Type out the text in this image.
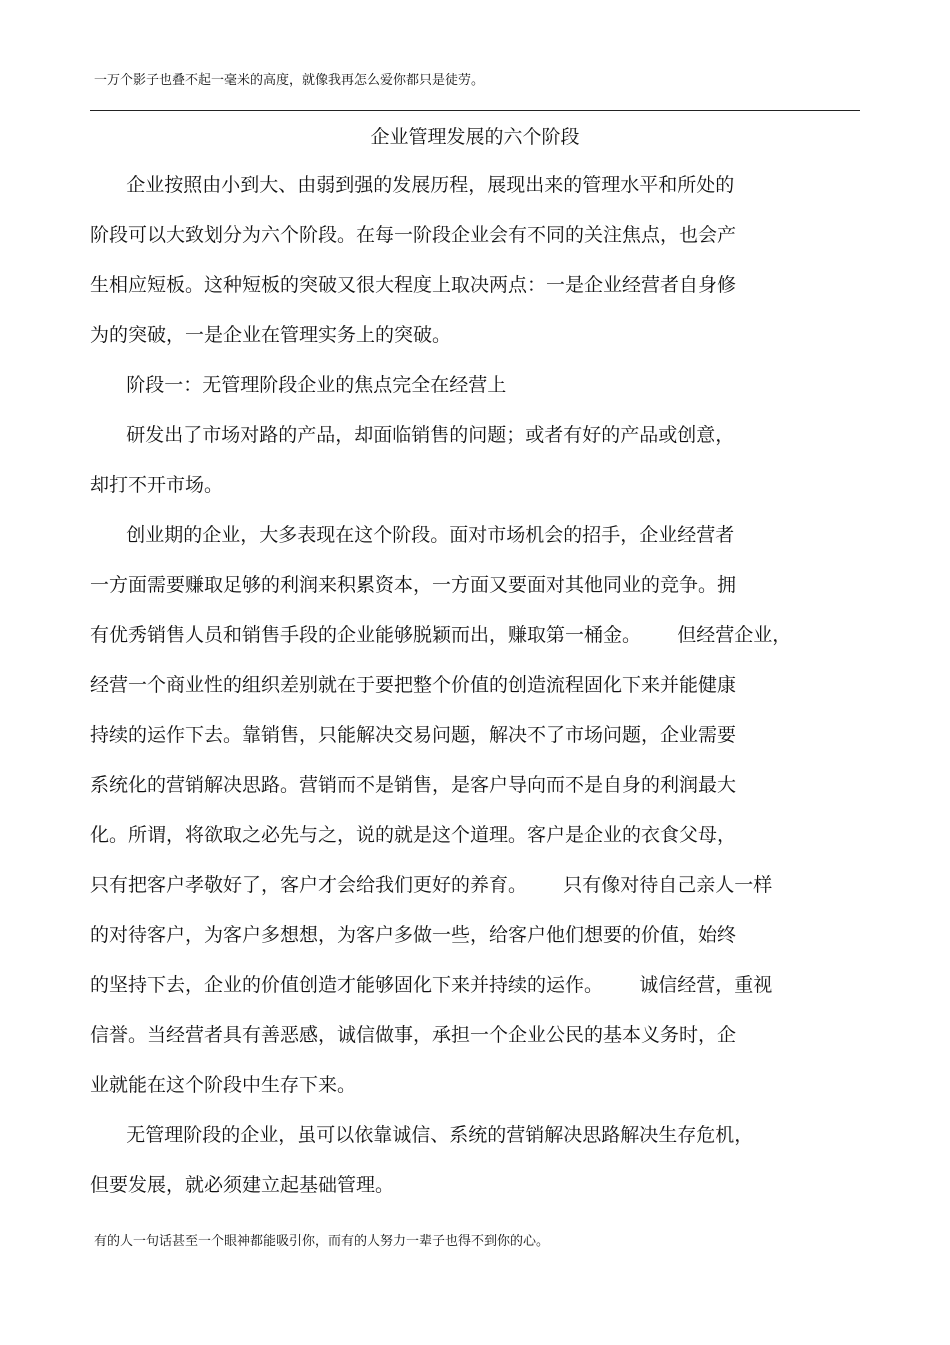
一万个影子也叠不起一毫米的高度，就像我再怎么爱你都只是徒劳。
企业管理发展的六个阶段
企业按照由小到大、由弱到强的发展历程，展现出来的管理水平和所处的
阶段可以大致划分为六个阶段。在每一阶段企业会有不同的关注焦点，也会产
生相应短板。这种短板的突破又很大程度上取决两点：一是企业经营者自身修
为的突破，一是企业在管理实务上的突破。
阶段一：无管理阶段企业的焦点完全在经营上
研发出了市场对路的产品，却面临销售的问题；或者有好的产品或创意，
却打不开市场。
创业期的企业，大多表现在这个阶段。面对市场机会的招手，企业经营者
一方面需要赚取足够的利润来积累资本，一方面又要面对其他同业的竞争。拥
有优秀销售人员和销售手段的企业能够脱颖而出，赚取第一桶金。      但经营企业，
经营一个商业性的组织差别就在于要把整个价值的创造流程固化下来并能健康
持续的运作下去。靠销售，只能解决交易问题，解决不了市场问题，企业需要
系统化的营销解决思路。营销而不是销售，是客户导向而不是自身的利润最大
化。所谓，将欲取之必先与之，说的就是这个道理。客户是企业的衣食父母，
只有把客户孝敬好了，客户才会给我们更好的养育。      只有像对待自己亲人一样
的对待客户，为客户多想想，为客户多做一些，给客户他们想要的价值，始终
的坚持下去，企业的价值创造才能够固化下来并持续的运作。      诚信经营，重视
信誉。当经营者具有善恶感，诚信做事，承担一个企业公民的基本义务时，企
业就能在这个阶段中生存下来。
无管理阶段的企业，虽可以依靠诚信、系统的营销解决思路解决生存危机，
但要发展，就必须建立起基础管理。
有的人一句话甚至一个眼神都能吸引你，而有的人努力一辈子也得不到你的心。
